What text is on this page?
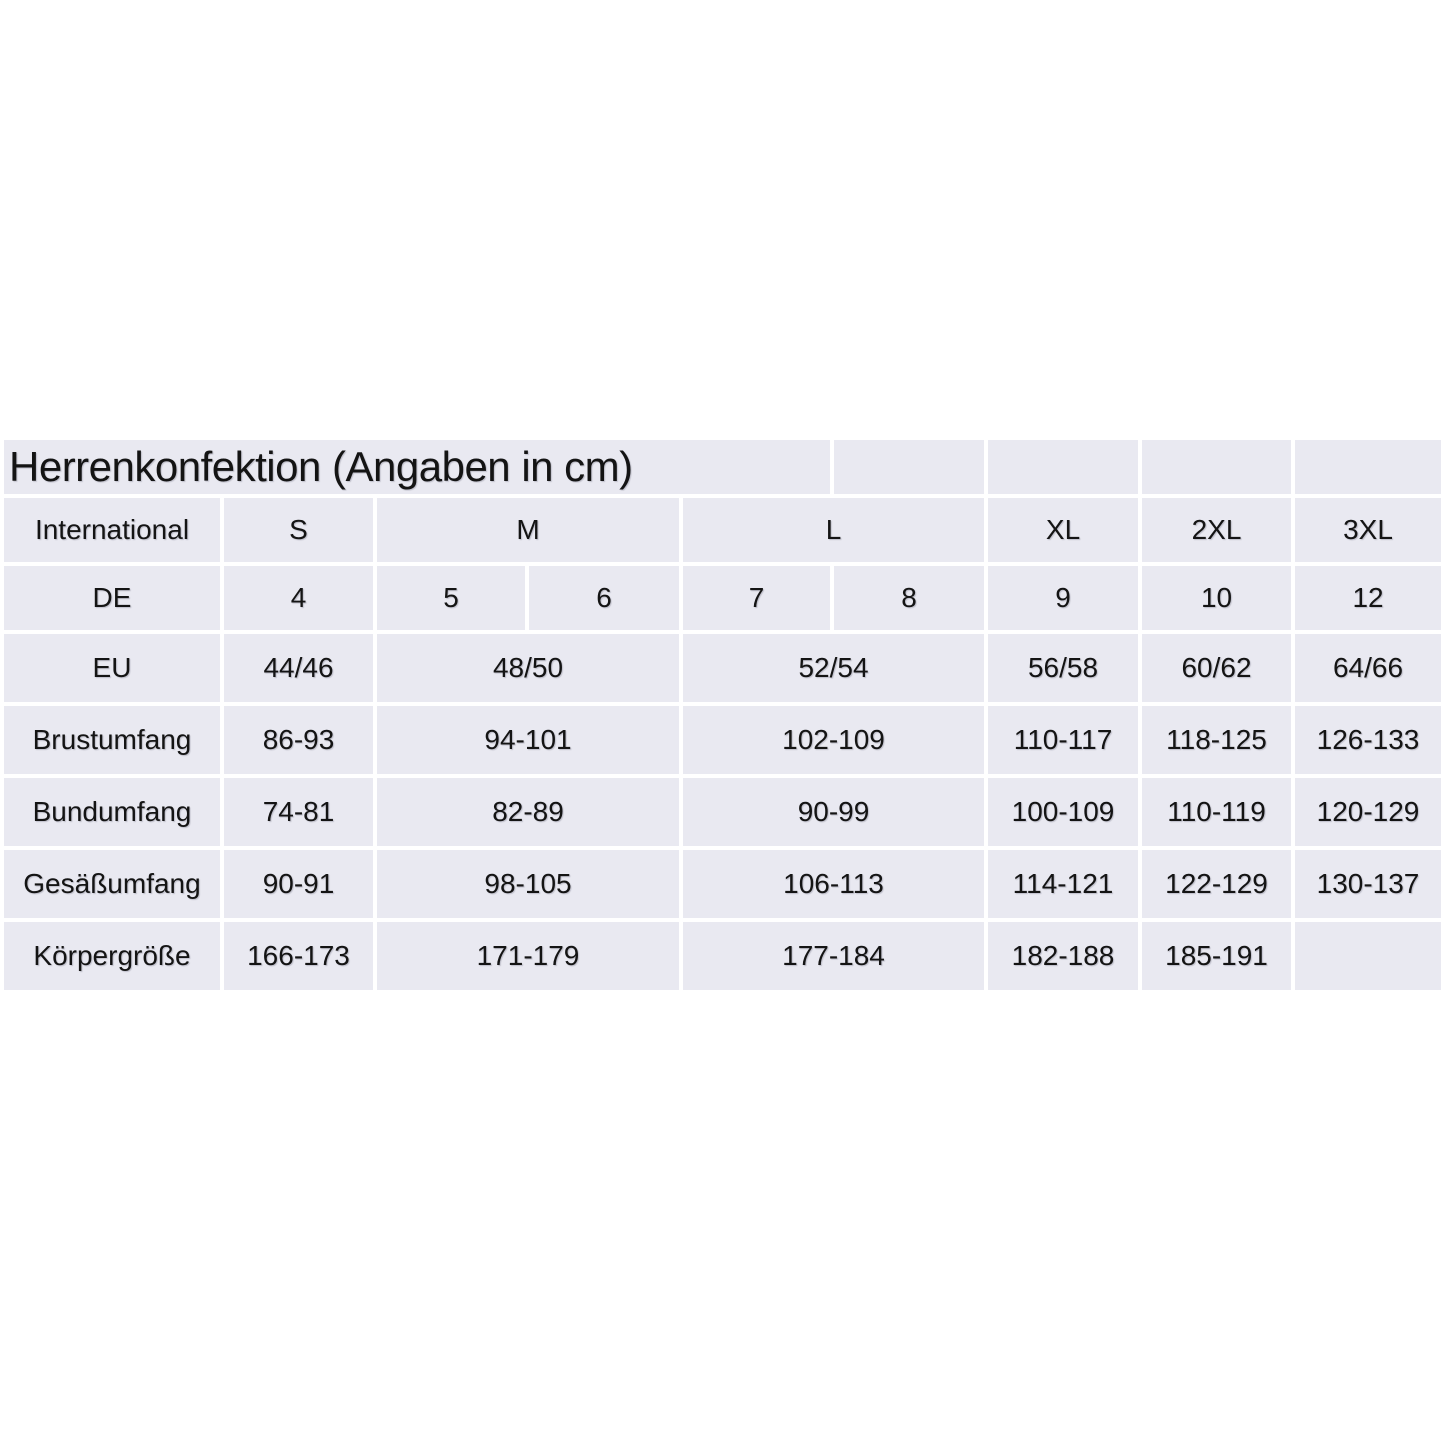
Herrenkonfektion (Angaben in cm)								
International	S	M		L		XL	2XL	3XL
DE	4	5	6	7	8	9	10	12
EU	44/46	48/50		52/54		56/58	60/62	64/66
Brustumfang	86-93	94-101		102-109		110-117	118-125	126-133
Bundumfang	74-81	82-89		90-99		100-109	110-119	120-129
Gesäßumfang	90-91	98-105		106-113		114-121	122-129	130-137
Körpergröße	166-173	171-179		177-184		182-188	185-191	
